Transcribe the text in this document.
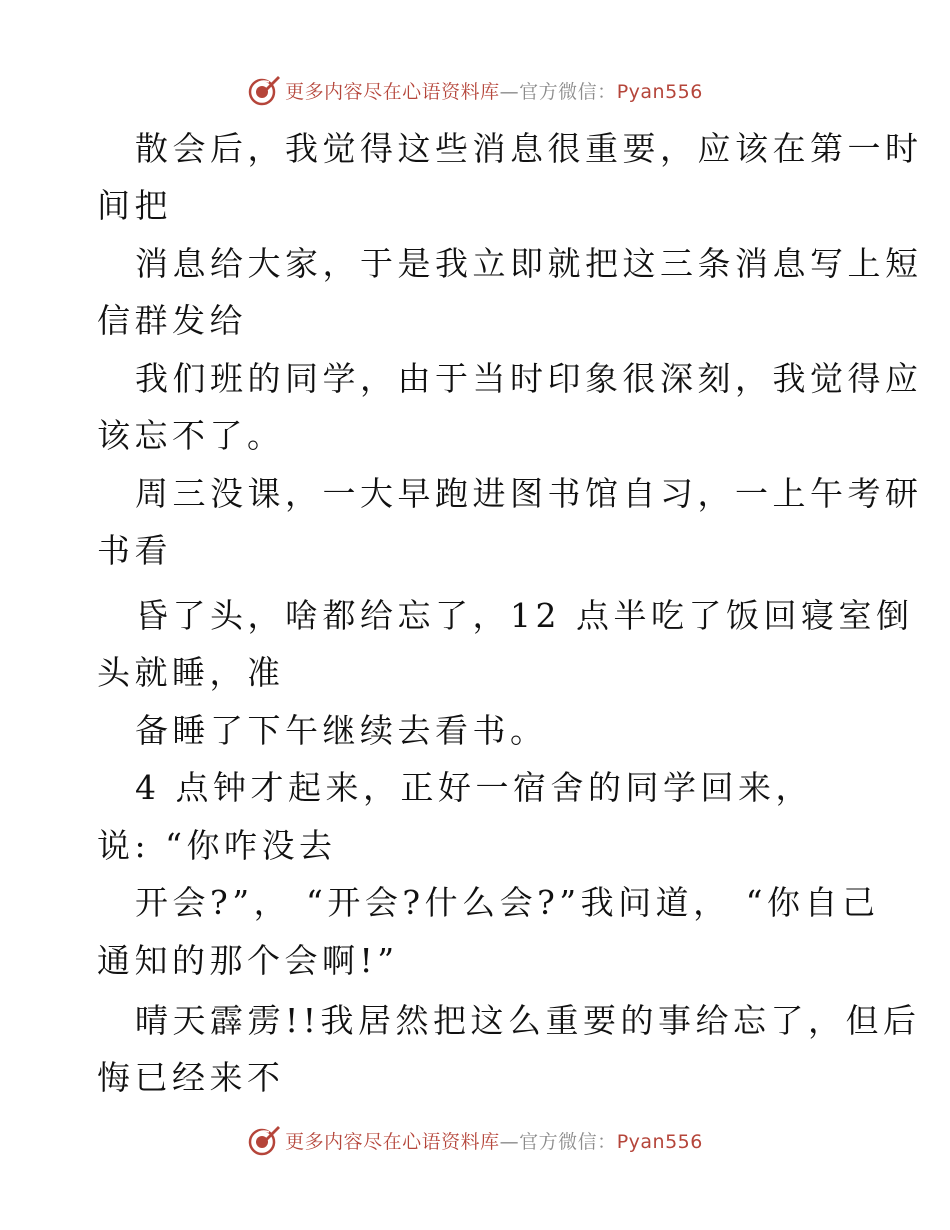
更多内容尽在心语资料库—官方微信：Pyan556
散会后，我觉得这些消息很重要，应该在第一时
间把
消息给大家，于是我立即就把这三条消息写上短
信群发给
我们班的同学，由于当时印象很深刻，我觉得应
该忘不了。
周三没课，一大早跑进图书馆自习，一上午考研
书看
昏了头，啥都给忘了，12 点半吃了饭回寝室倒
头就睡，准
备睡了下午继续去看书。
4 点钟才起来，正好一宿舍的同学回来，
说: “你咋没去
开会?”， “开会?什么会?”我问道， “你自己
通知的那个会啊!”
晴天霹雳!!我居然把这么重要的事给忘了，但后
悔已经来不
更多内容尽在心语资料库—官方微信：Pyan556
